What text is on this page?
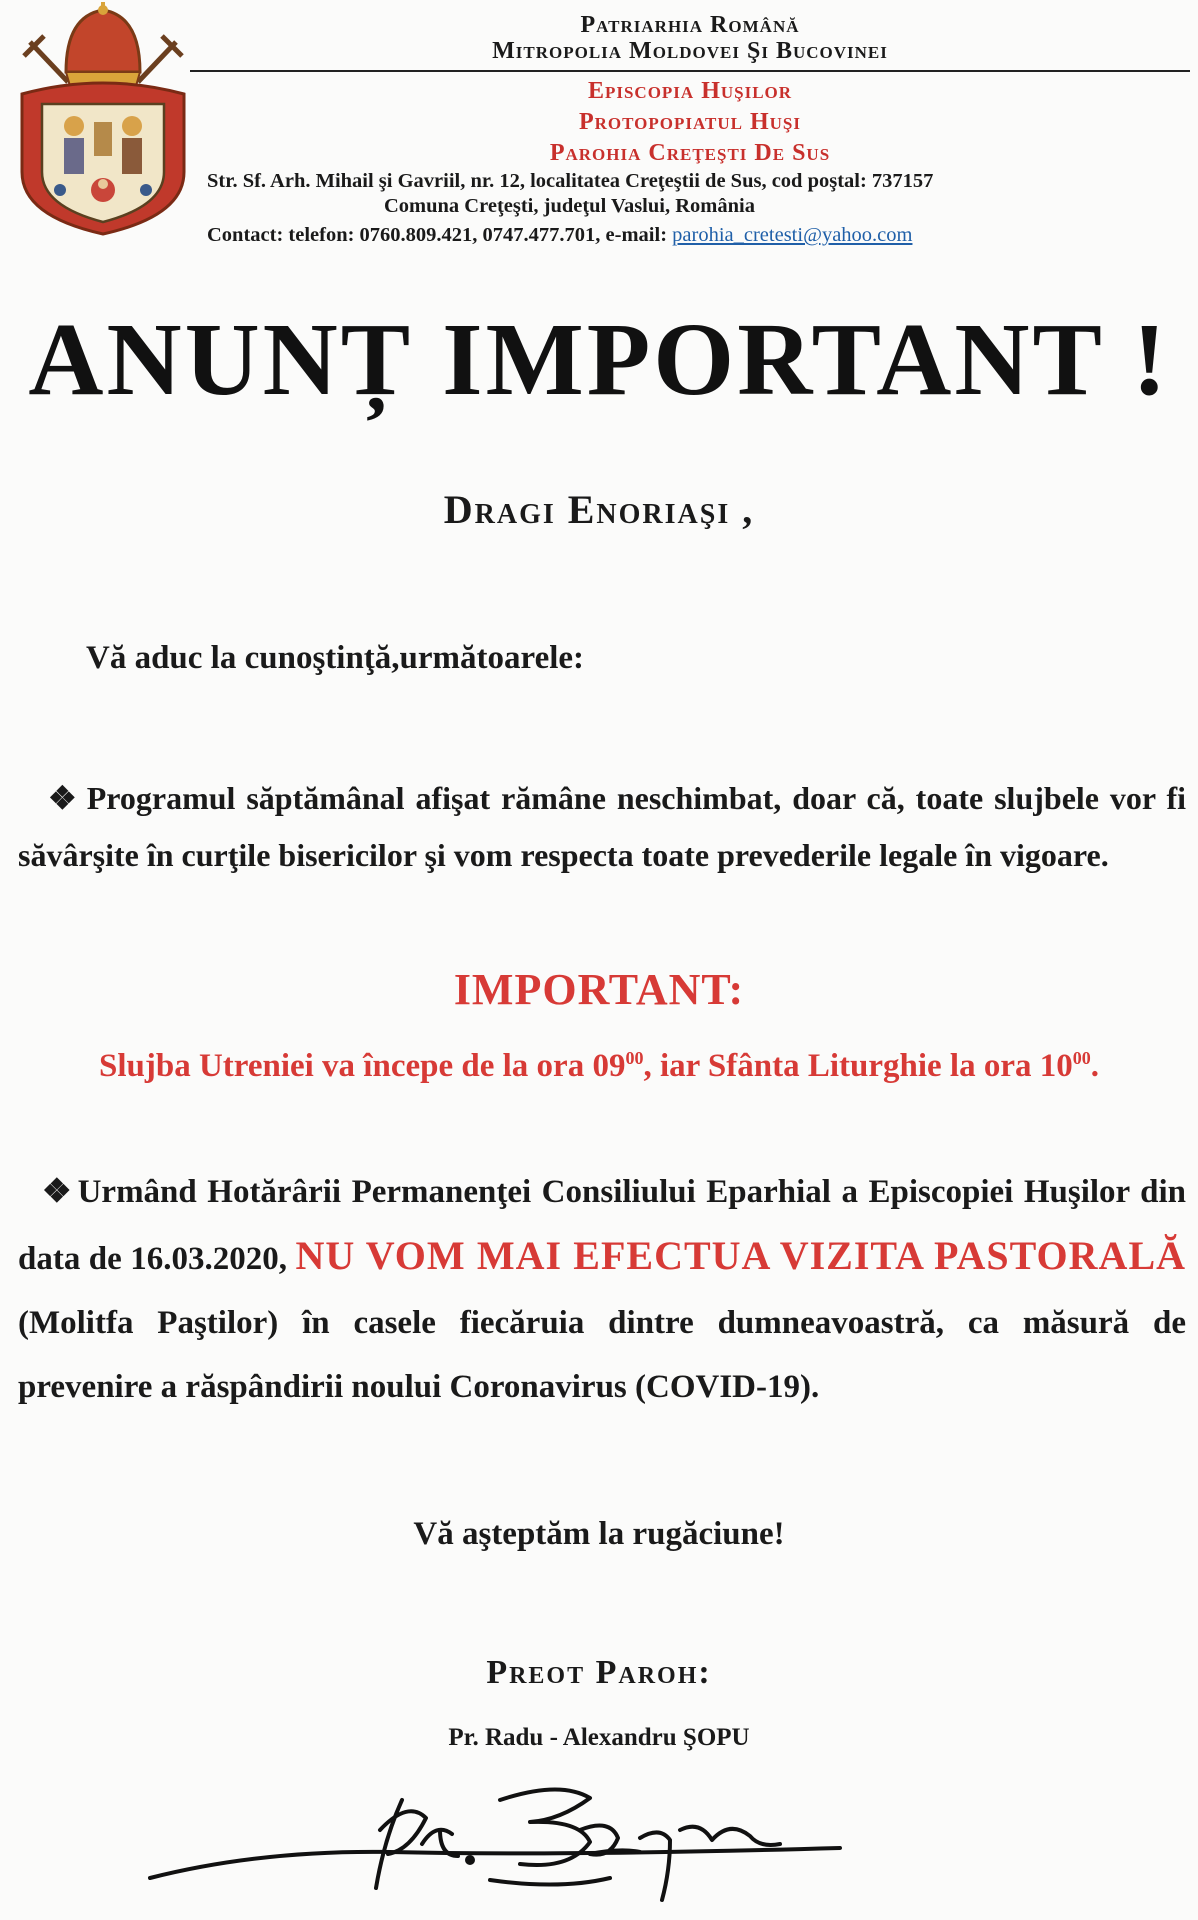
Patriarhia Română
Mitropolia Moldovei Şi Bucovinei
Episcopia Huşilor
Protopopiatul Huşi
Parohia Creţeşti De Sus
Str. Sf. Arh. Mihail şi Gavriil, nr. 12, localitatea Creţeştii de Sus, cod poştal: 737157
Comuna Creţeşti, judeţul Vaslui, România
Contact: telefon: 0760.809.421, 0747.477.701, e-mail: parohia_cretesti@yahoo.com
ANUNȚ IMPORTANT !
Dragi Enoriaşi ,
Vă aduc la cunoştinţă,următoarele:
❖ Programul săptămânal afişat rămâne neschimbat, doar că, toate slujbele vor fi săvârşite în curţile bisericilor şi vom respecta toate prevederile legale în vigoare.
IMPORTANT:
Slujba Utreniei va începe de la ora $09^{00}$, iar Sfânta Liturghie la ora $10^{00}$.
❖ Urmând Hotărârii Permanenţei Consiliului Eparhial a Episcopiei Huşilor din data de 16.03.2020, NU VOM MAI EFECTUA VIZITA PASTORALĂ (Molitfa Paştilor) în casele fiecăruia dintre dumneavoastră, ca măsură de prevenire a răspândirii noului Coronavirus (COVID-19).
Vă aşteptăm la rugăciune!
Preot Paroh:
Pr. Radu - Alexandru ŞOPU
